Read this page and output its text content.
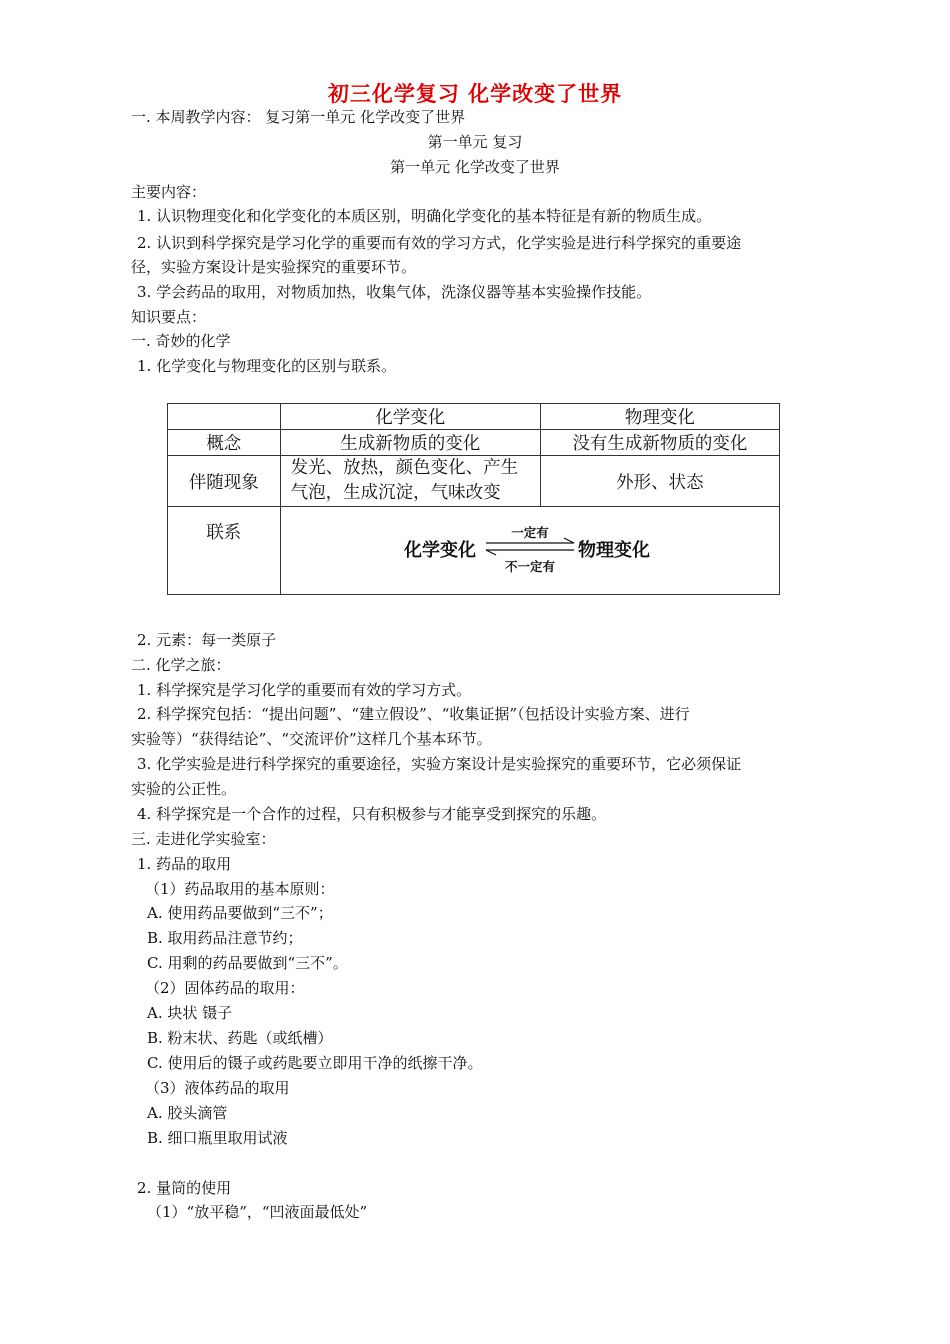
初三化学复习 化学改变了世界
一. 本周教学内容： 复习第一单元 化学改变了世界
第一单元 复习
第一单元 化学改变了世界
主要内容：
1. 认识物理变化和化学变化的本质区别，明确化学变化的基本特征是有新的物质生成。
2. 认识到科学探究是学习化学的重要而有效的学习方式，化学实验是进行科学探究的重要途
径，实验方案设计是实验探究的重要环节。
3. 学会药品的取用，对物质加热，收集气体，洗涤仪器等基本实验操作技能。
知识要点：
一. 奇妙的化学
1. 化学变化与物理变化的区别与联系。
	化学变化	物理变化
概念	生成新物质的变化	没有生成新物质的变化
伴随现象	发光、放热，颜色变化、产生
气泡，生成沉淀，气味改变	外形、状态
联系	化学变化
一定有
不一定有
物理变化	
2. 元素：每一类原子
二. 化学之旅：
1. 科学探究是学习化学的重要而有效的学习方式。
2. 科学探究包括：“提出问题”、“建立假设”、“收集证据”（包括设计实验方案、进行
实验等）“获得结论”、“交流评价”这样几个基本环节。
3. 化学实验是进行科学探究的重要途径，实验方案设计是实验探究的重要环节，它必须保证
实验的公正性。
4. 科学探究是一个合作的过程，只有积极参与才能享受到探究的乐趣。
三. 走进化学实验室：
1. 药品的取用
（1）药品取用的基本原则：
A. 使用药品要做到“三不”；
B. 取用药品注意节约；
C. 用剩的药品要做到“三不”。
（2）固体药品的取用：
A. 块状 镊子
B. 粉末状、药匙（或纸槽）
C. 使用后的镊子或药匙要立即用干净的纸擦干净。
（3）液体药品的取用
A. 胶头滴管
B. 细口瓶里取用试液
2. 量筒的使用
（1）“放平稳”，“凹液面最低处”
